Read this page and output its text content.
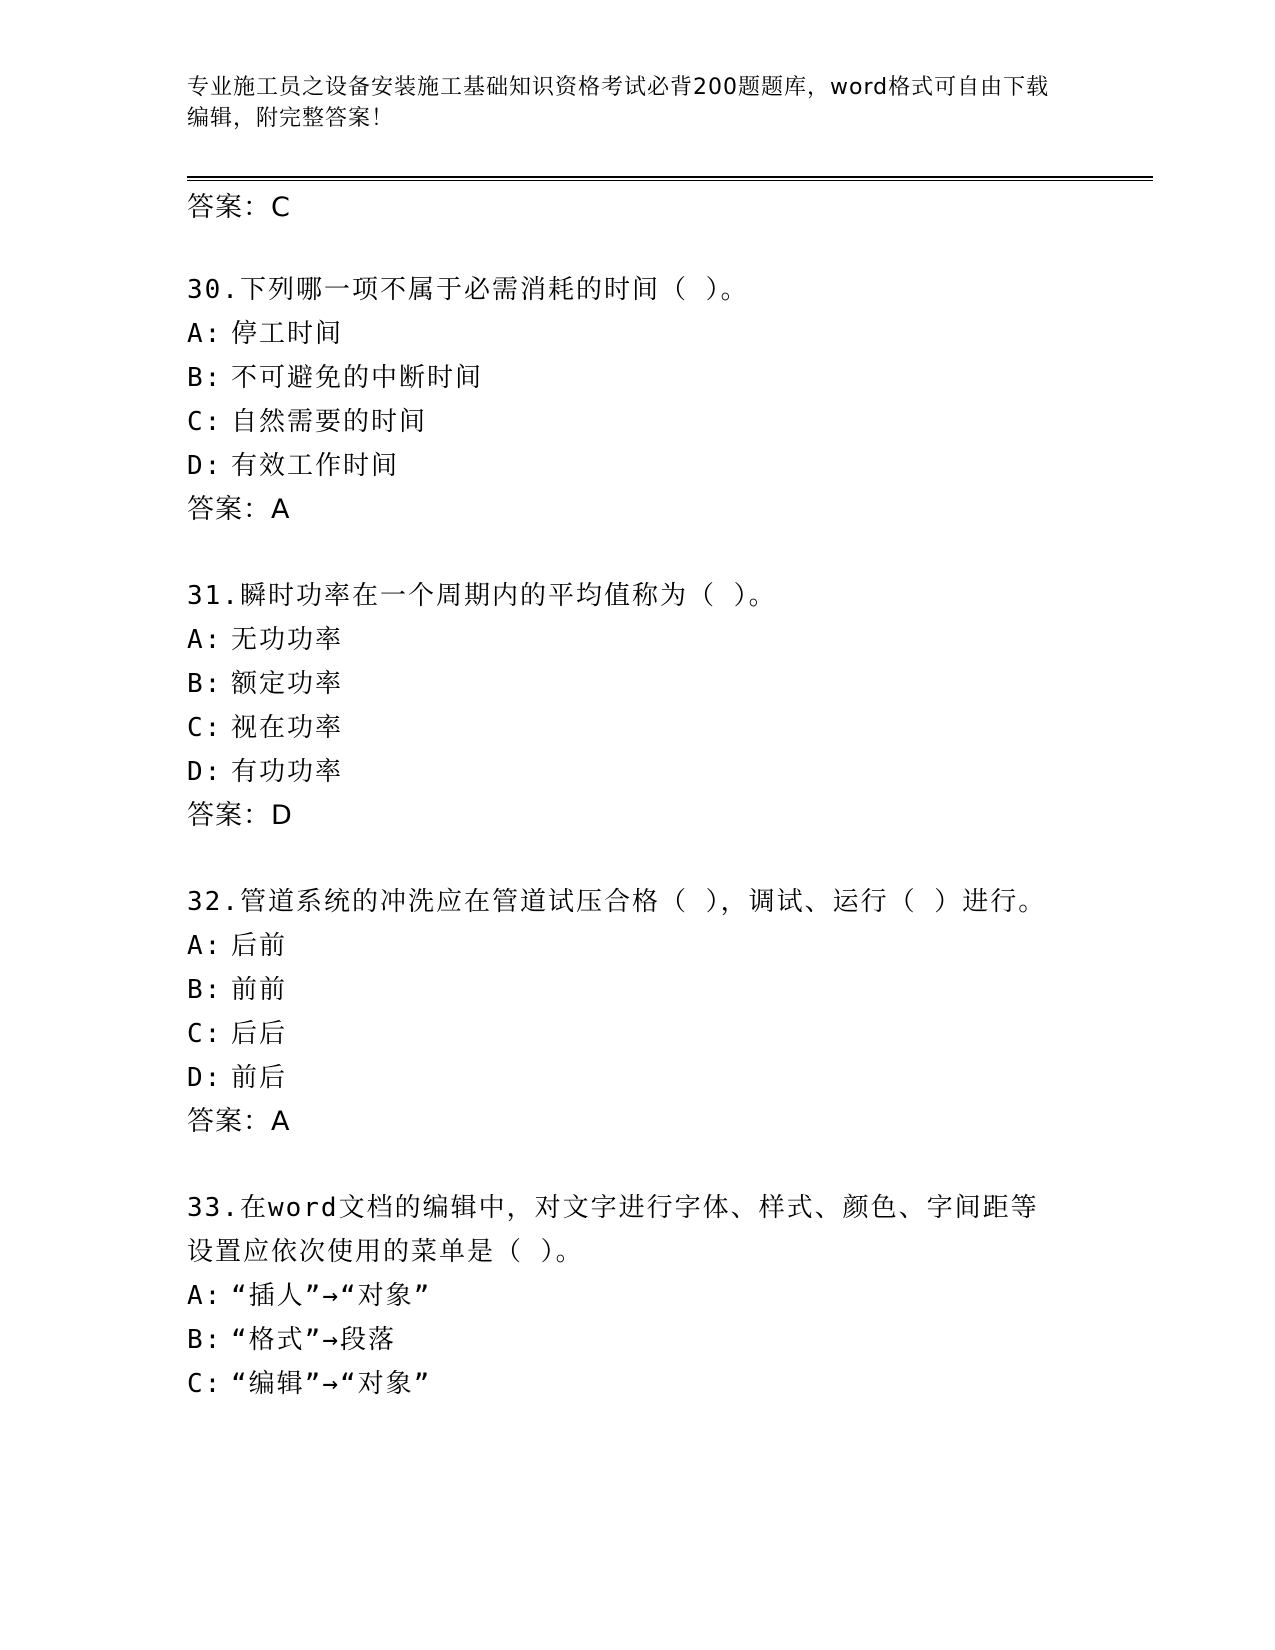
专业施工员之设备安装施工基础知识资格考试必背200题题库，word格式可自由下载编辑，附完整答案！
答案：C
30.下列哪一项不属于必需消耗的时间（ ）。
A: 停工时间
B: 不可避免的中断时间
C: 自然需要的时间
D: 有效工作时间
答案：A
31.瞬时功率在一个周期内的平均值称为（ ）。
A: 无功功率
B: 额定功率
C: 视在功率
D: 有功功率
答案：D
32.管道系统的冲洗应在管道试压合格（ ），调试、运行（ ）进行。
A: 后前
B: 前前
C: 后后
D: 前后
答案：A
33.在word文档的编辑中，对文字进行字体、样式、颜色、字间距等
设置应依次使用的菜单是（ ）。
A: “插人”→“对象”
B: “格式”→段落
C: “编辑”→“对象”
